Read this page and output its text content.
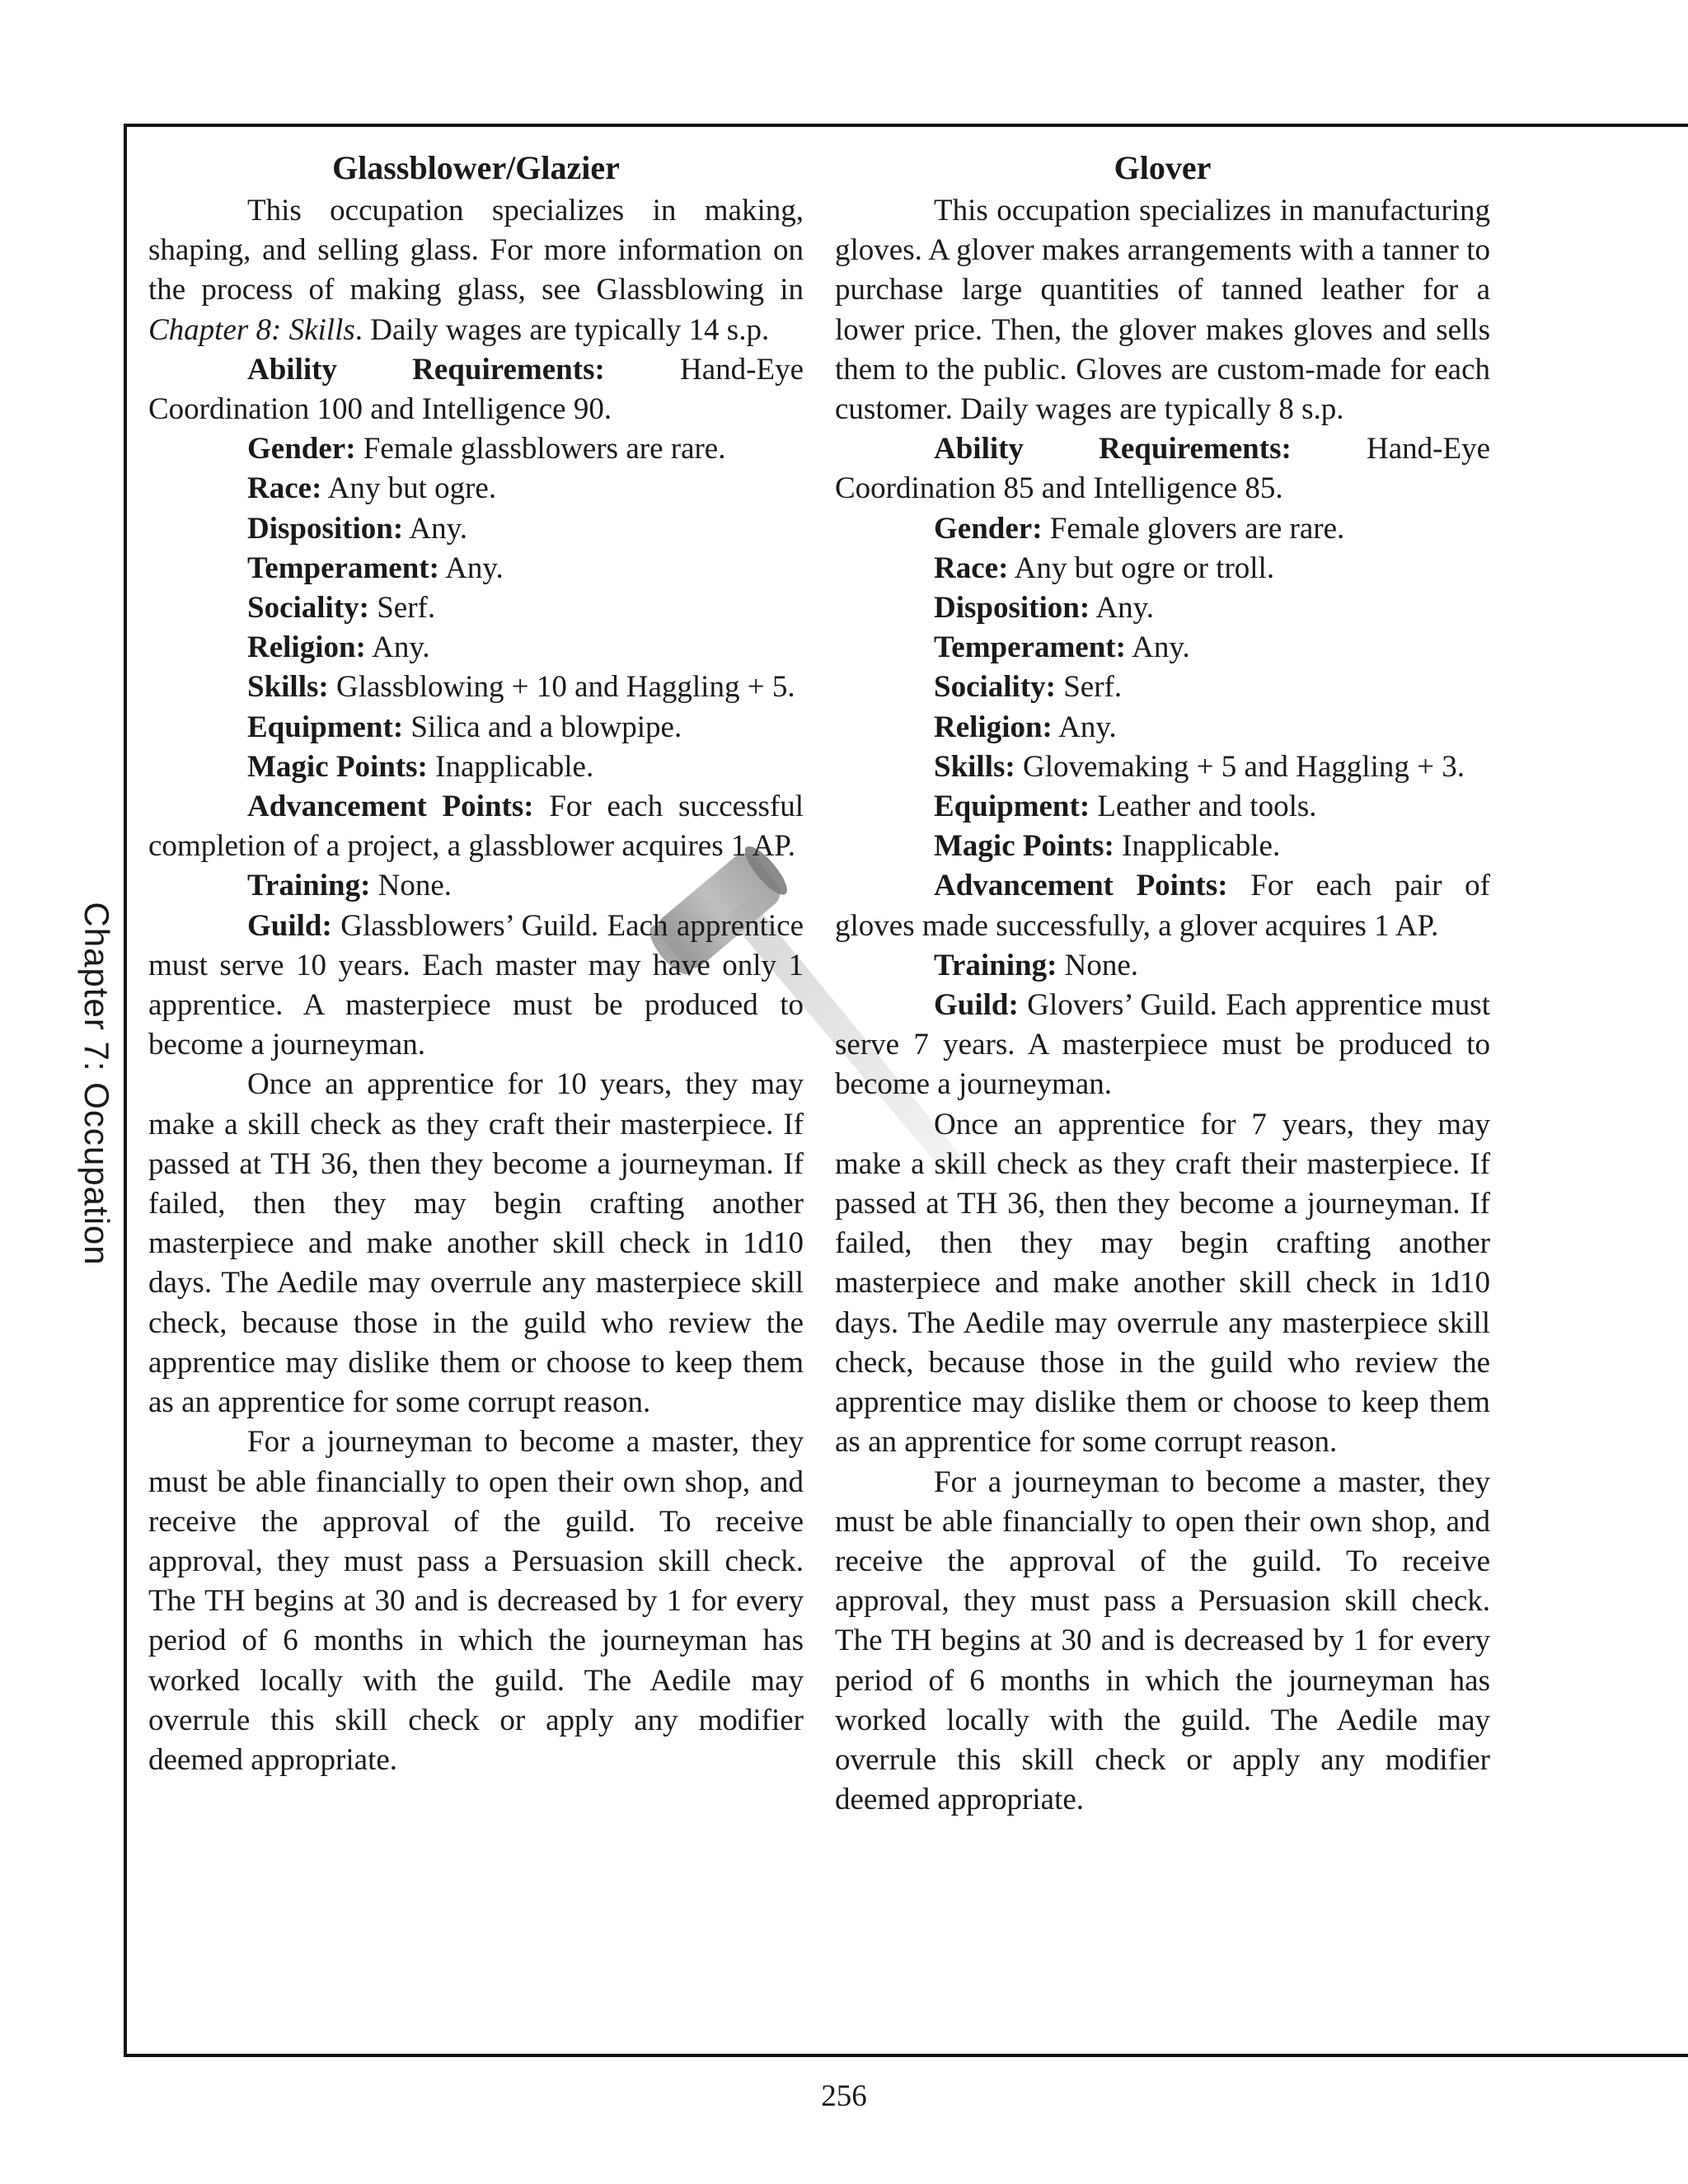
Chapter 7: Occupation
Glassblower/Glazier

This occupation specializes in making, shaping, and selling glass. For more information on the process of making glass, see Glassblowing in Chapter 8: Skills. Daily wages are typically 14 s.p.

Ability Requirements: Hand-Eye Coordination 100 and Intelligence 90.

Gender: Female glassblowers are rare.

Race: Any but ogre.

Disposition: Any.

Temperament: Any.

Sociality: Serf.

Religion: Any.

Skills: Glassblowing + 10 and Haggling + 5.

Equipment: Silica and a blowpipe.

Magic Points: Inapplicable.

Advancement Points: For each successful completion of a project, a glassblower acquires 1 AP.

Training: None.

Guild: Glassblowers’ Guild. Each apprentice must serve 10 years. Each master may have only 1 apprentice. A masterpiece must be produced to become a journeyman.

Once an apprentice for 10 years, they may make a skill check as they craft their masterpiece. If passed at TH 36, then they become a journeyman. If failed, then they may begin crafting another masterpiece and make another skill check in 1d10 days. The Aedile may overrule any masterpiece skill check, because those in the guild who review the apprentice may dislike them or choose to keep them as an apprentice for some corrupt reason.

For a journeyman to become a master, they must be able financially to open their own shop, and receive the approval of the guild. To receive approval, they must pass a Persuasion skill check. The TH begins at 30 and is decreased by 1 for every period of 6 months in which the journeyman has worked locally with the guild. The Aedile may overrule this skill check or apply any modifier deemed appropriate.

Glover

This occupation specializes in manufacturing gloves. A glover makes arrangements with a tanner to purchase large quantities of tanned leather for a lower price. Then, the glover makes gloves and sells them to the public. Gloves are custom-made for each customer. Daily wages are typically 8 s.p.

Ability Requirements: Hand-Eye Coordination 85 and Intelligence 85.

Gender: Female glovers are rare.

Race: Any but ogre or troll.

Disposition: Any.

Temperament: Any.

Sociality: Serf.

Religion: Any.

Skills: Glovemaking + 5 and Haggling + 3.

Equipment: Leather and tools.

Magic Points: Inapplicable.

Advancement Points: For each pair of gloves made successfully, a glover acquires 1 AP.

Training: None.

Guild: Glovers’ Guild. Each apprentice must serve 7 years. A masterpiece must be produced to become a journeyman.

Once an apprentice for 7 years, they may make a skill check as they craft their masterpiece. If passed at TH 36, then they become a journeyman. If failed, then they may begin crafting another masterpiece and make another skill check in 1d10 days. The Aedile may overrule any masterpiece skill check, because those in the guild who review the apprentice may dislike them or choose to keep them as an apprentice for some corrupt reason.

For a journeyman to become a master, they must be able financially to open their own shop, and receive the approval of the guild. To receive approval, they must pass a Persuasion skill check. The TH begins at 30 and is decreased by 1 for every period of 6 months in which the journeyman has worked locally with the guild. The Aedile may overrule this skill check or apply any modifier deemed appropriate.

256
